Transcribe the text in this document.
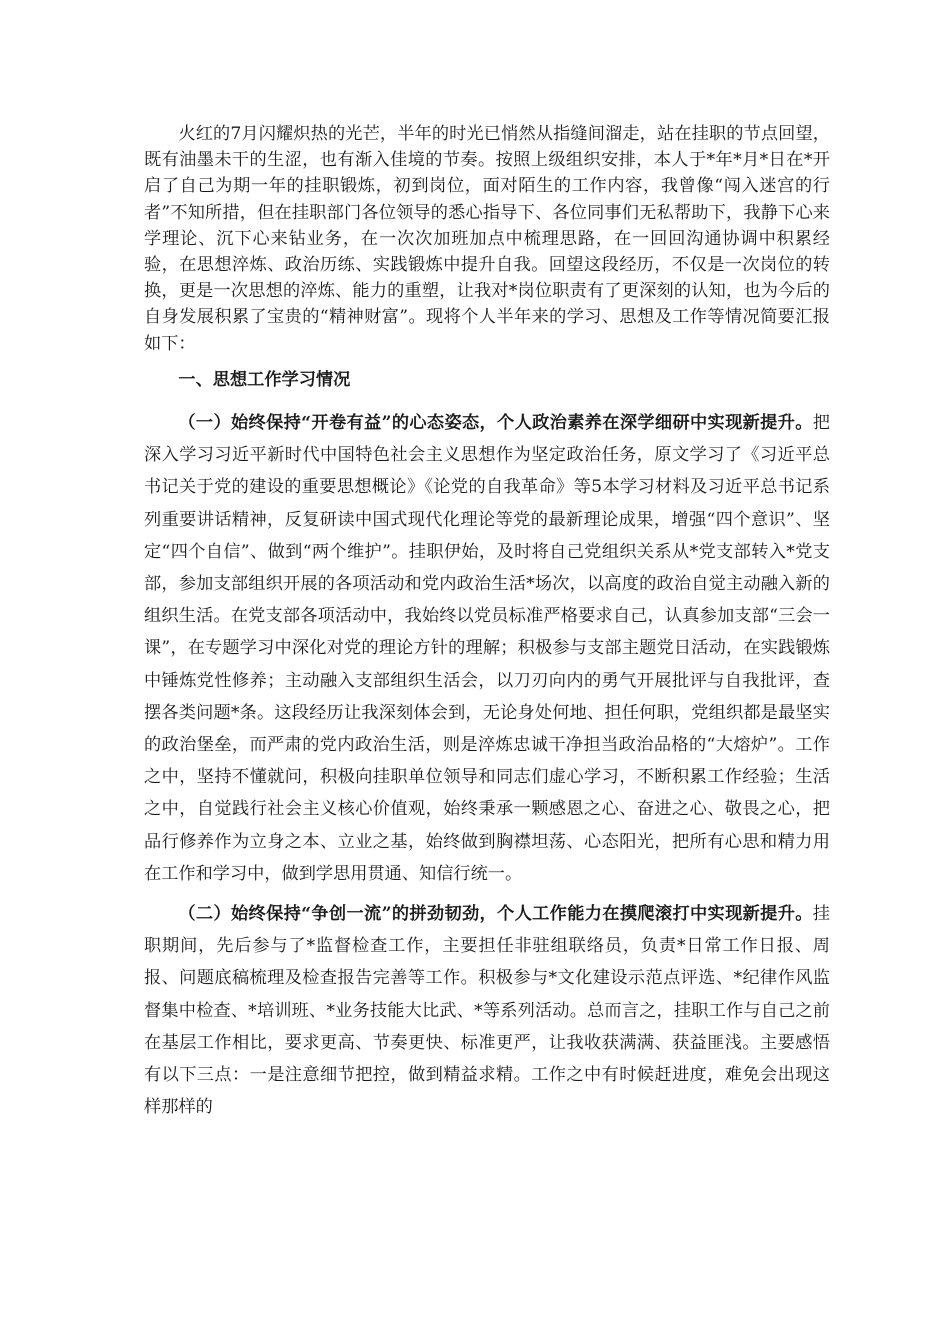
火红的7月闪耀炽热的光芒，半年的时光已悄然从指缝间溜走，站在挂职的节点回望，既有油墨未干的生涩，也有渐入佳境的节奏。按照上级组织安排，本人于*年*月*日在*开启了自己为期一年的挂职锻炼，初到岗位，面对陌生的工作内容，我曾像“闯入迷宫的行者”不知所措，但在挂职部门各位领导的悉心指导下、各位同事们无私帮助下，我静下心来学理论、沉下心来钻业务，在一次次加班加点中梳理思路，在一回回沟通协调中积累经验，在思想淬炼、政治历练、实践锻炼中提升自我。回望这段经历，不仅是一次岗位的转换，更是一次思想的淬炼、能力的重塑，让我对*岗位职责有了更深刻的认知，也为今后的自身发展积累了宝贵的“精神财富”。现将个人半年来的学习、思想及工作等情况简要汇报如下：

一、思想工作学习情况

（一）始终保持“开卷有益”的心态姿态，个人政治素养在深学细研中实现新提升。把深入学习习近平新时代中国特色社会主义思想作为坚定政治任务，原文学习了《习近平总书记关于党的建设的重要思想概论》《论党的自我革命》等5本学习材料及习近平总书记系列重要讲话精神，反复研读中国式现代化理论等党的最新理论成果，增强“四个意识”、坚定“四个自信”、做到“两个维护”。挂职伊始，及时将自己党组织关系从*党支部转入*党支部，参加支部组织开展的各项活动和党内政治生活*场次，以高度的政治自觉主动融入新的组织生活。在党支部各项活动中，我始终以党员标准严格要求自己，认真参加支部“三会一课”，在专题学习中深化对党的理论方针的理解；积极参与支部主题党日活动，在实践锻炼中锤炼党性修养；主动融入支部组织生活会，以刀刃向内的勇气开展批评与自我批评，查摆各类问题*条。这段经历让我深刻体会到，无论身处何地、担任何职，党组织都是最坚实的政治堡垒，而严肃的党内政治生活，则是淬炼忠诚干净担当政治品格的“大熔炉”。工作之中，坚持不懂就问，积极向挂职单位领导和同志们虚心学习，不断积累工作经验；生活之中，自觉践行社会主义核心价值观，始终秉承一颗感恩之心、奋进之心、敬畏之心，把品行修养作为立身之本、立业之基，始终做到胸襟坦荡、心态阳光，把所有心思和精力用在工作和学习中，做到学思用贯通、知信行统一。

（二）始终保持“争创一流”的拼劲韧劲，个人工作能力在摸爬滚打中实现新提升。挂职期间，先后参与了*监督检查工作，主要担任非驻组联络员，负责*日常工作日报、周报、问题底稿梳理及检查报告完善等工作。积极参与*文化建设示范点评选、*纪律作风监督集中检查、*培训班、*业务技能大比武、*等系列活动。总而言之，挂职工作与自己之前在基层工作相比，要求更高、节奏更快、标准更严，让我收获满满、获益匪浅。主要感悟有以下三点：一是注意细节把控，做到精益求精。工作之中有时候赶进度，难免会出现这样那样的
